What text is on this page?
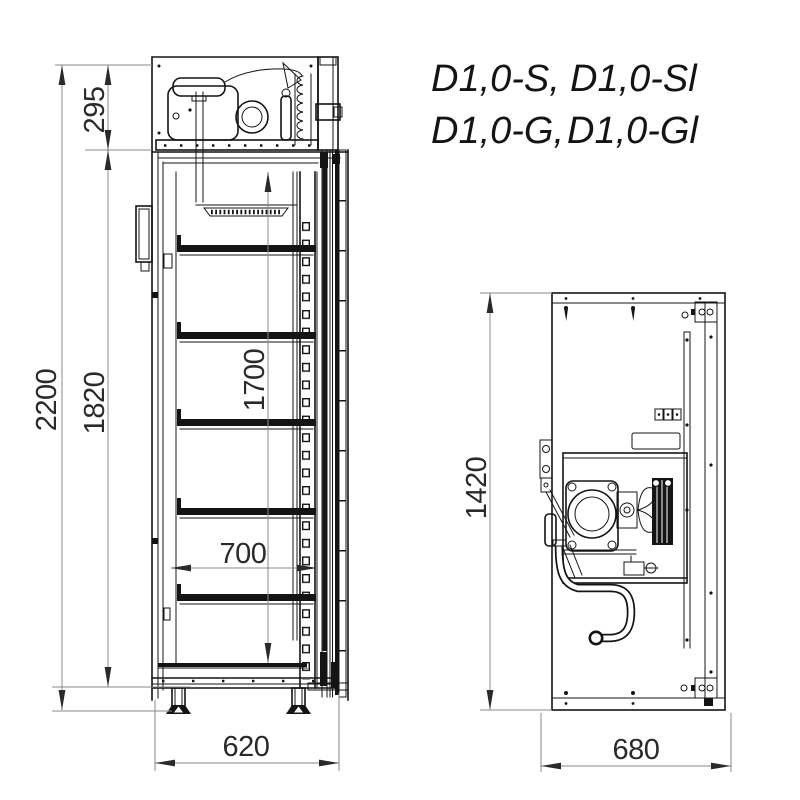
D1,0-S, D1,0-Sl
D1,0-G, D1,0-Gl
2200
295
1820	1700
700
620
1420
680
